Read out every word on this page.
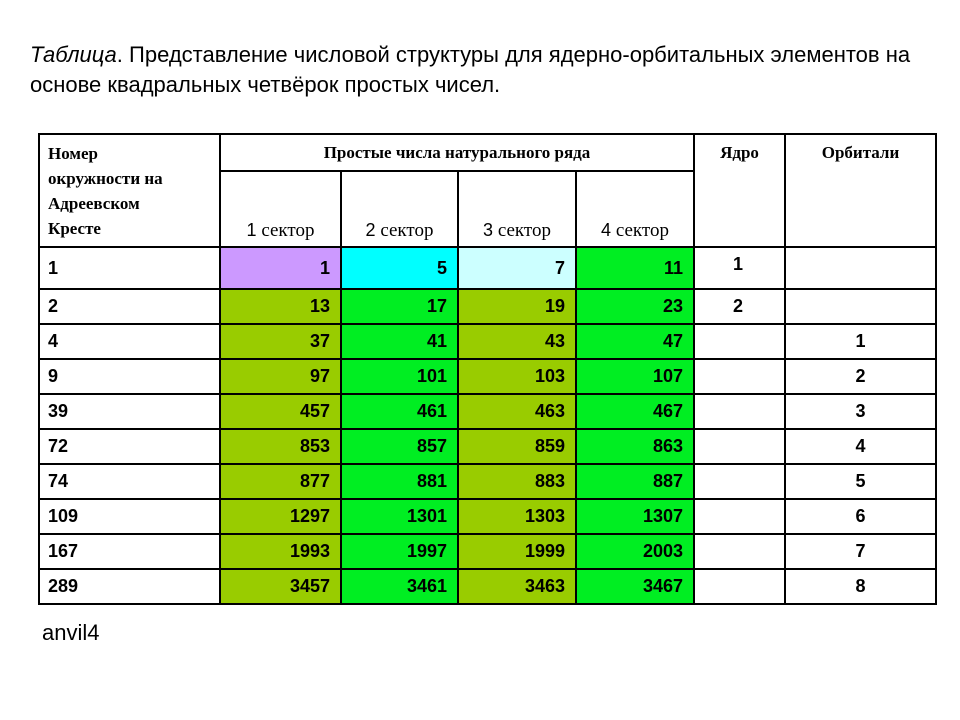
Таблица. Представление числовой структуры для ядерно-орбитальных элементов на основе квадральных четвёрок простых чисел.
Номер
окружности на
Адреевском
Кресте	Простые числа натурального ряда				Ядро	Орбитали
	1 сектор	2 сектор	3 сектор	4 сектор		
1	1	5	7	11	1	
2	13	17	19	23	2	
4	37	41	43	47		1
9	97	101	103	107		2
39	457	461	463	467		3
72	853	857	859	863		4
74	877	881	883	887		5
109	1297	1301	1303	1307		6
167	1993	1997	1999	2003		7
289	3457	3461	3463	3467		8
anvil4
